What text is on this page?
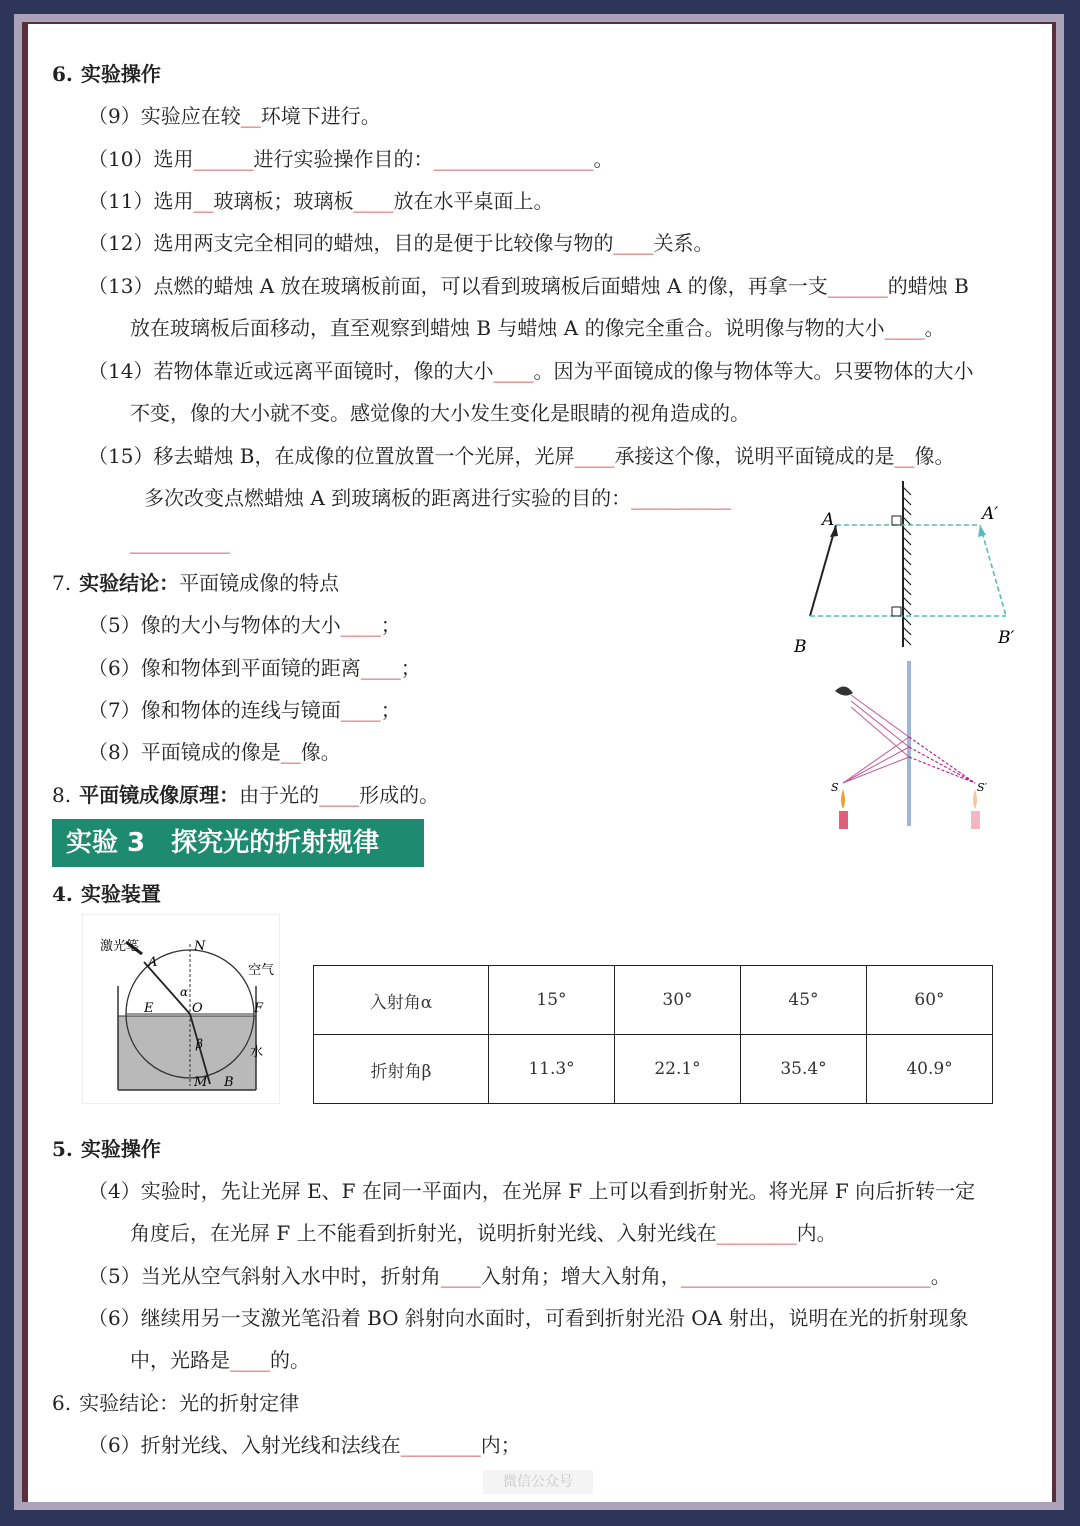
6. 实验操作
（9）实验应在较__环境下进行。
（10）选用______进行实验操作目的：________________。
（11）选用__玻璃板；玻璃板____放在水平桌面上。
（12）选用两支完全相同的蜡烛，目的是便于比较像与物的____关系。
（13）点燃的蜡烛 A 放在玻璃板前面，可以看到玻璃板后面蜡烛 A 的像，再拿一支______的蜡烛 B
放在玻璃板后面移动，直至观察到蜡烛 B 与蜡烛 A 的像完全重合。说明像与物的大小____。
（14）若物体靠近或远离平面镜时，像的大小____。因为平面镜成的像与物体等大。只要物体的大小
不变，像的大小就不变。感觉像的大小发生变化是眼睛的视角造成的。
（15）移去蜡烛 B，在成像的位置放置一个光屏，光屏____承接这个像，说明平面镜成的是__像。
多次改变点燃蜡烛 A 到玻璃板的距离进行实验的目的：__________
__________
7. 实验结论：平面镜成像的特点
（5）像的大小与物体的大小____；
（6）像和物体到平面镜的距离____；
（7）像和物体的连线与镜面____；
（8）平面镜成的像是__像。
8. 平面镜成像原理：由于光的____形成的。
A	A′
B	B′
S	S′
实验 3 探究光的折射规律
4. 实验装置
激光笔
空气
水
N
M
O
E	F
A
B
α
β
入射角α	15°	30°	45°	60°
折射角β	11.3°	22.1°	35.4°	40.9°
5. 实验操作
（4）实验时，先让光屏 E、F 在同一平面内，在光屏 F 上可以看到折射光。将光屏 F 向后折转一定
角度后，在光屏 F 上不能看到折射光，说明折射光线、入射光线在________内。
（5）当光从空气斜射入水中时，折射角____入射角；增大入射角，_________________________。
（6）继续用另一支激光笔沿着 BO 斜射向水面时，可看到折射光沿 OA 射出，说明在光的折射现象
中，光路是____的。
6. 实验结论：光的折射定律
（6）折射光线、入射光线和法线在________内；
微信公众号
